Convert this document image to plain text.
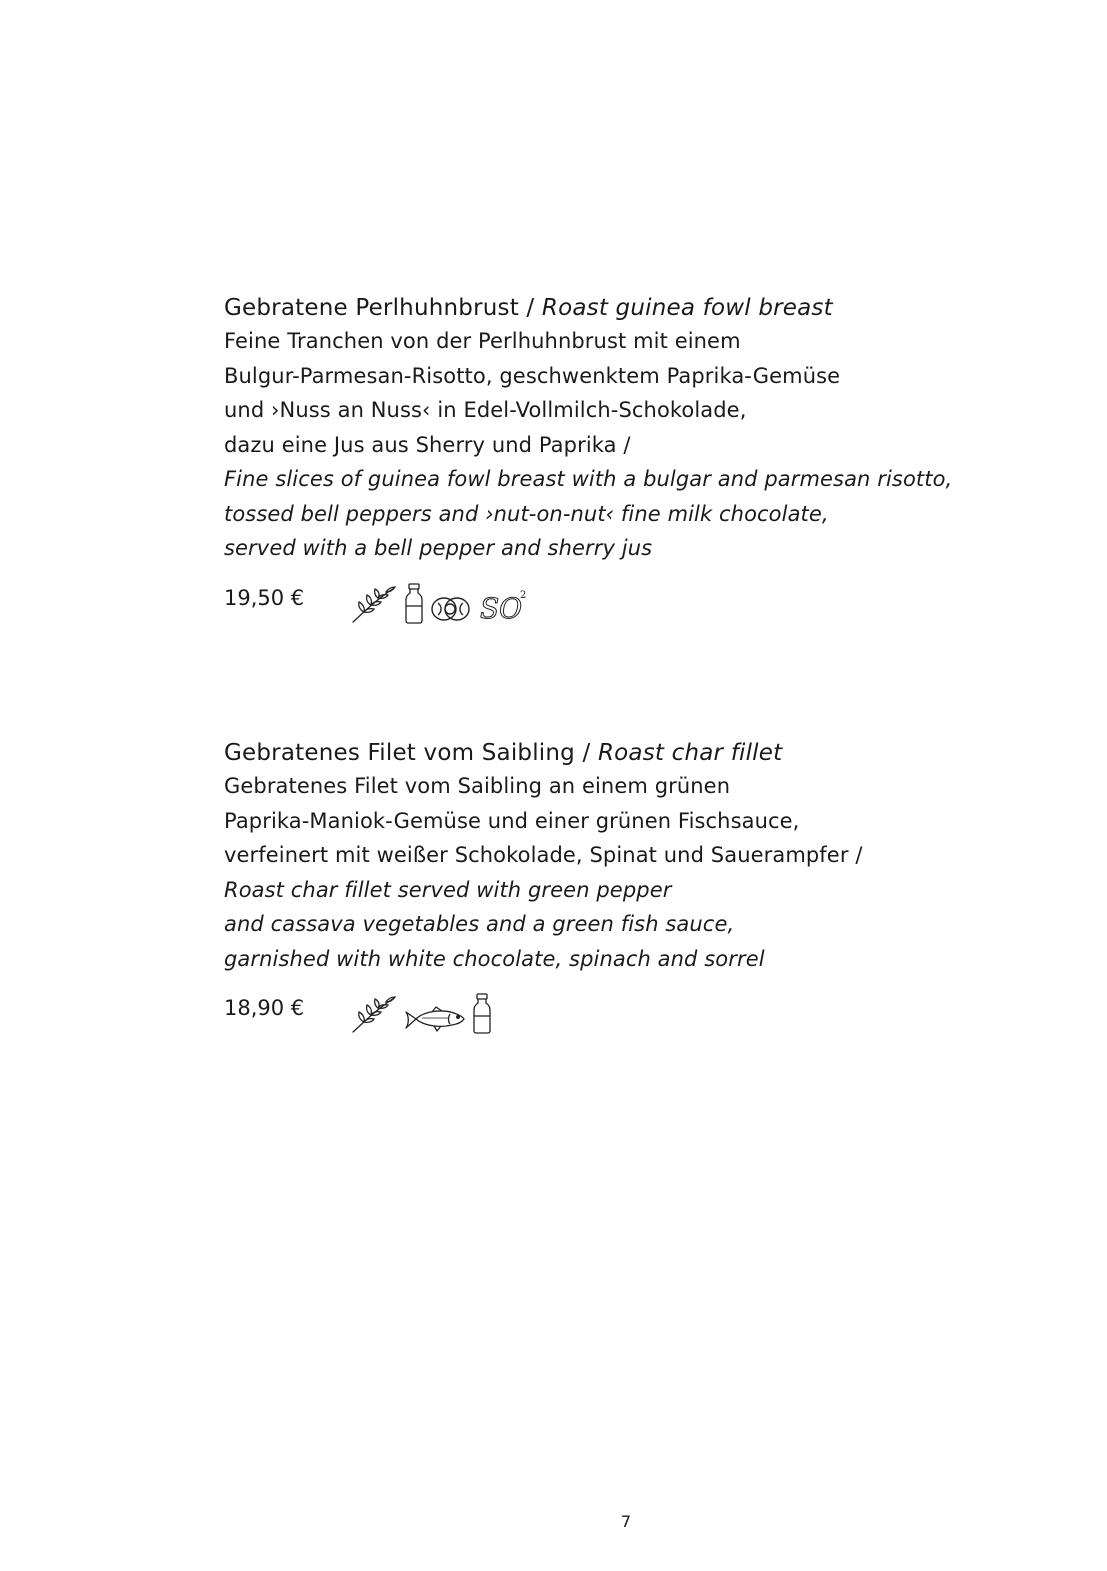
Gebratene Perlhuhnbrust / Roast guinea fowl breast
Feine Tranchen von der Perlhuhnbrust mit einem
Bulgur-Parmesan-Risotto, geschwenktem Paprika-Gemüse
und ›Nuss an Nuss‹ in Edel-Vollmilch-Schokolade,
dazu eine Jus aus Sherry und Paprika /
Fine slices of guinea fowl breast with a bulgar and parmesan risotto,
tossed bell peppers and ›nut-on-nut‹ fine milk chocolate,
served with a bell pepper and sherry jus
19,50 €	SO
2
Gebratenes Filet vom Saibling / Roast char fillet
Gebratenes Filet vom Saibling an einem grünen
Paprika-Maniok-Gemüse und einer grünen Fischsauce,
verfeinert mit weißer Schokolade, Spinat und Sauerampfer /
Roast char fillet served with green pepper
and cassava vegetables and a green fish sauce,
garnished with white chocolate, spinach and sorrel
18,90 €
7
